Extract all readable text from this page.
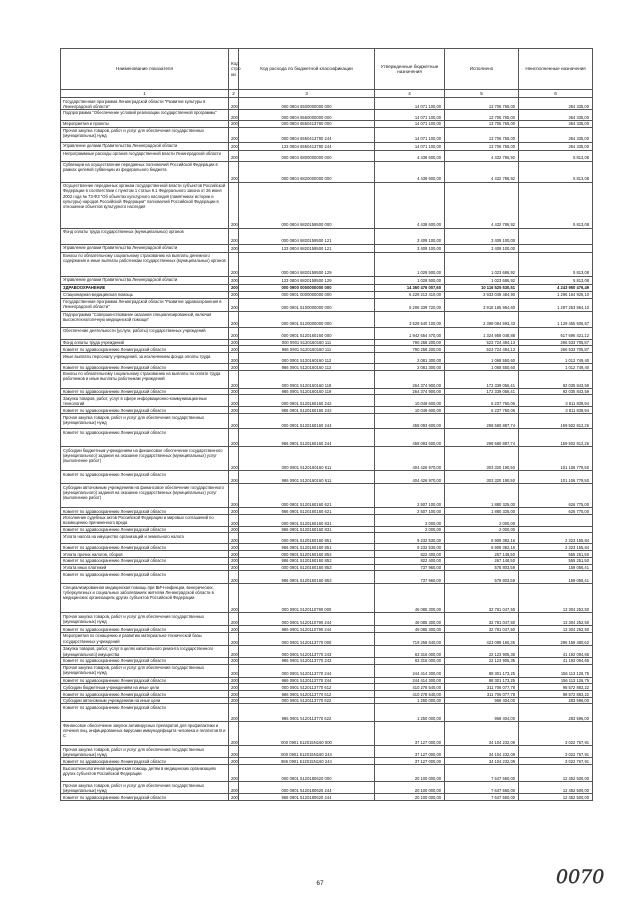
Наименование показателя	Код стро ки	Код расхода по бюджетной классификации	Утвержденные бюджетные назначения	Исполнено	Неисполненные назначения
1	2	3	4	5	6
Государственная программа Ленинградской области "Развитие культуры в Ленинградской области"	200	000 0804 6500000000 000	14 071 100,00	13 706 765,00	364 335,00
Подпрограмма "Обеспечение условий реализации государственной программы"	200	000 0804 6560000000 000	14 071 100,00	13 706 765,00	364 335,00
Мероприятия и проекты	200	000 0804 6560413780 000	14 071 100,00	13 706 765,00	364 335,00
Прочая закупка товаров, работ и услуг для обеспечения государственных (муниципальных) нужд	200	000 0804 6560413780 244	14 071 100,00	13 706 765,00	364 335,00
Управление делами Правительства Ленинградской области	200	133 0804 6560413780 244	14 071 100,00	13 706 765,00	364 335,00
Непрограммные расходы органов государственной власти Ленинградской области	200	000 0804 6800000000 000	4 438 600,00	4 432 786,92	5 813,08
Субвенции на осуществление переданных полномочий Российской Федерации в рамках целевой субвенции из федерального бюджета	200	000 0804 6820000000 000	4 438 600,00	4 432 786,92	5 813,08
Осуществление переданных органам государственной власти субъектов Российской Федерации в соответствии с пунктом 1 статьи 9.1 Федерального закона от 26 июня 2002 года № 73-ФЗ "Об объектах культурного наследия (памятниках истории и культуры) народов Российской Федерации" полномочий Российской Федерации в отношении объектов культурного наследия	200	000 0804 6820159500 000	4 438 600,00	4 432 786,92	5 813,08
Фонд оплаты труда государственных (муниципальных) органов	200	000 0804 6820159500 121	3 409 100,00	3 409 100,00	
Управление делами Правительства Ленинградской области	200	133 0804 6820159500 121	3 409 100,00	3 409 100,00	
Взносы по обязательному социальному страхованию на выплаты денежного содержания и иные выплаты работникам государственных (муниципальных) органов	200	000 0804 6820159500 129	1 029 500,00	1 023 686,92	5 813,08
Управление делами Правительства Ленинградской области	200	133 0804 6820159500 129	1 029 500,00	1 023 686,92	5 813,08
ЗДРАВООХРАНЕНИЕ	200	000 0900 0000000000 000	14 360 476 007,60	10 116 525 530,51	4 243 950 476,49
Стационарная медицинская помощь	200	000 0901 0000000000 000	5 229 213 410,00	3 933 048 484,90	1 296 164 925,10
Государственная программа Ленинградской области "Развитие здравоохранения в Ленинградской области"	200	000 0901 5100000000 000	5 206 339 720,00	3 918 185 984,60	1 287 253 864,10
Подпрограмма "Совершенствование оказания специализированной, включая высокотехнологичную медицинской помощи"	200	000 0901 5120000000 000	3 528 540 100,00	2 398 084 593,43	1 129 455 506,57
Обеспечение деятельности (услуги, работы) государственных учреждений	200	000 0901 5120160160 000	1 942 654 470,00	1 324 958 048,88	617 696 421,12
Фонд оплаты труда учреждений	200	000 0901 5120160160 111	790 258 200,00	523 724 494,13	266 533 705,87
Комитет по здравоохранению Ленинградской области	200	986 0901 5120160160 111	790 258 200,00	523 724 494,13	266 533 705,87
Иные выплаты персоналу учреждений, за исключением фонда оплаты труда	200	000 0901 5120160160 112	2 081 300,00	1 068 550,60	1 012 749,40
Комитет по здравоохранению Ленинградской области	200	986 0901 5120160160 112	2 081 300,00	1 068 550,60	1 012 749,40
Взносы по обязательному социальному страхованию на выплаты по оплате труда работников и иные выплаты работникам учреждений	200	000 0901 5120160160 119	264 374 900,00	172 339 056,41	92 035 843,59
Комитет по здравоохранению Ленинградской области	200	986 0901 5120160160 119	264 374 900,00	172 339 056,41	92 035 843,59
Закупка товаров, работ, услуг в сфере информационно-коммуникационных технологий	200	000 0901 5120160160 242	10 049 600,00	6 237 760,06	3 811 839,94
Комитет по здравоохранению Ленинградской области	200	986 0901 5120160160 242	10 049 600,00	6 237 760,06	3 811 839,94
Прочая закупка товаров, работ и услуг для обеспечения государственных (муниципальных) нужд	200	000 0901 5120160160 244	458 093 600,00	298 580 887,74	159 502 812,26
Комитет по здравоохранению Ленинградской области	200	986 0901 5120160160 244	458 093 600,00	298 580 887,74	159 502 812,26
Субсидии бюджетным учреждениям на финансовое обеспечение государственного (муниципального) задания на оказание государственных (муниципальных) услуг (выполнение работ)	200	000 0901 5120160160 611	404 426 970,00	303 320 190,50	101 106 779,50
Комитет по здравоохранению Ленинградской области	200	986 0901 5120160160 611	404 426 970,00	303 320 190,50	101 106 779,50
Субсидии автономным учреждениям на финансовое обеспечение государственного (муниципального) задания на оказание государственных (муниципальных) услуг (выполнение работ)	200	000 0901 5120160160 621	2 507 100,00	1 880 325,00	626 775,00
Комитет по здравоохранению Ленинградской области	200	986 0901 5120160160 621	2 507 100,00	1 880 325,00	626 775,00
Исполнение судебных актов Российской Федерации и мировых соглашений по возмещению причиненного вреда	200	000 0901 5120160160 831	2 000,00	2 000,00	
Комитет по здравоохранению Ленинградской области	200	986 0901 5120160160 831	2 000,00	2 000,00	
Уплата налога на имущество организаций и земельного налога	200	000 0901 5120160160 851	9 232 530,00	6 909 382,16	2 323 155,84
Комитет по здравоохранению Ленинградской области	200	986 0901 5120160160 851	9 232 530,00	6 909 382,16	2 323 155,84
Уплата прочих налогов, сборов	200	000 0901 5120160160 852	822 400,00	267 148,50	555 251,50
Комитет по здравоохранению Ленинградской области	200	986 0901 5120160160 852	822 400,00	267 148,50	555 251,50
Уплата иных платежей	200	000 0901 5120160160 853	737 960,00	578 803,59	159 056,41
Комитет по здравоохранению Ленинградской области	200	986 0901 5120160160 853	737 960,00	578 803,59	159 056,41
Специализированная медицинская помощь при ВИЧ-инфекции, венерических, туберкулезных и социальных заболеваниях жителям Ленинградской области в медицинских организациях других субъектов Российской Федерации	200	000 0901 5120110790 000	46 085 300,00	32 781 047,50	13 304 252,50
Прочая закупка товаров, работ и услуг для обеспечения государственных (муниципальных) нужд	200	000 0901 5120110790 244	46 085 300,00	32 781 047,50	13 304 252,50
Комитет по здравоохранению Ленинградской области	200	986 0901 5120110790 244	46 085 300,00	32 781 047,50	13 304 252,50
Мероприятия по оснащению и развитию материально-технической базы государственных учреждений	200	000 0901 5120113770 000	719 258 640,00	423 099 160,36	296 159 480,62
Закупка товаров, работ, услуг в целях капитального ремонта государственного (муниципального) имущества	200	000 0901 5120113770 243	63 316 000,00	22 123 905,35	41 192 094,65
Комитет по здравоохранению Ленинградской области	200	986 0901 5120113770 243	63 316 000,00	22 123 905,35	41 192 094,65
Прочая закупка товаров, работ и услуг для обеспечения государственных (муниципальных) нужд	200	000 0901 5120113770 244	244 414 300,00	88 301 173,25	156 113 126,75
Комитет по здравоохранению Ленинградской области	200	986 0901 5120113770 244	244 414 300,00	88 301 173,25	156 113 126,75
Субсидии бюджетным учреждениям на иные цели	200	000 0901 5120113770 612	410 278 540,00	311 706 077,78	98 572 883,22
Комитет по здравоохранению Ленинградской области	200	986 0901 5120113770 612	410 278 540,00	311 706 077,78	98 572 883,22
Субсидии автономным учреждениям на иные цели	200	000 0901 5120113770 622	1 250 000,00	968 404,00	283 596,00
Комитет по здравоохранению Ленинградской области	200	986 0901 5120113770 622	1 250 000,00	968 404,00	283 596,00
Финансовое обеспечение закупок антивирусных препаратов для профилактики и лечения лиц, инфицированных вирусами иммунодефицита человека и гепатитов B и C	200	000 0901 512015N160 000	37 127 000,00	34 104 232,09	3 022 767,91
Прочая закупка товаров, работ и услуг для обеспечения государственных (муниципальных) нужд	200	000 0901 512015N160 244	37 127 000,00	34 104 232,09	3 022 767,91
Комитет по здравоохранению Ленинградской области	200	986 0901 512015N160 244	37 127 000,00	34 104 232,09	3 022 767,91
Высокотехнологичная медицинская помощь детям в медицинских организациях других субъектов Российской Федерации	200	000 0901 5120180620 000	20 100 000,00	7 647 560,00	12 452 500,00
Прочая закупка товаров, работ и услуг для обеспечения государственных (муниципальных) нужд	200	000 0901 5120180620 244	20 100 000,00	7 647 560,00	12 452 500,00
Комитет по здравоохранению Ленинградской области	200	986 0901 5120180620 244	20 100 000,00	7 647 560,00	12 452 500,00
67	0070
